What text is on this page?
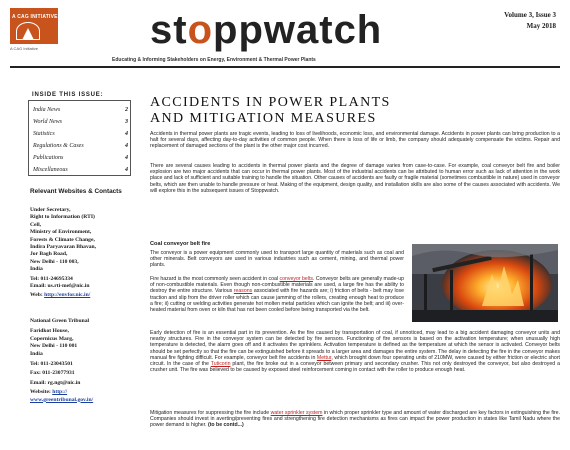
A CAG INITIATIVE
A CAG Initiative	stoppwatch	Volume 3, Issue 3
May 2018
Educating & Informing Stakeholders on Energy, Environment & Thermal Power Plants
INSIDE THIS ISSUE:
India News	2
World News	3
Statistics	4
Regulations & Cases	4
Publications	4
Miscellaneous	4
Relevant Websites & Contacts
Under Secretary,
Right to Information (RTI)
Cell,
Ministry of Environment,
Forests & Climate Change,
Indira Paryavaran Bhavan,
Jor Bagh Road,
New Delhi - 110 003,
India
Tel: 011-24695334
Email: us.rti-mef@nic.in
Web: http://envfor.nic.in/
National Green Tribunal
Faridkot House,
Copernicus Marg,
New Delhi - 110 001
India
Tel: 011-23043501
Fax: 011-23077931
Email: rg.ngt@nic.in
Website: http://
www.greentribunal.gov.in/
ACCIDENTS IN POWER PLANTS
AND MITIGATION MEASURES
Accidents in thermal power plants are tragic events, leading to loss of livelihoods, economic loss, and environmental damage. Accidents in power plants can bring production to a halt for several days, affecting day-to-day activities of common people. When there is loss of life or limb, the company should adequately compensate the victims. Repair and replacement of damaged sections of the plant is the other major cost incurred.
There are several causes leading to accidents in thermal power plants and the degree of damage varies from case-to-case. For example, coal conveyor belt fire and boiler explosion are two major accidents that can occur in thermal power plants. Most of the industrial accidents can be attributed to human error such as lack of attention in the work place and lack of sufficient and suitable training to handle the situation. Other causes of accidents are faulty or fragile material (sometimes combustible in nature) used in conveyor belts, which are then unable to handle pressure or heat. Making of the equipment, design quality, and installation skills are also some of the causes associated with accidents. We will explore this in the subsequent issues of Stoppwatch.
Coal conveyor belt fire
The conveyor is a power equipment commonly used to transport large quantity of materials such as coal and other minerals. Belt conveyors are used in various industries such as cement, mining, and thermal power plants.
Fire hazard is the most commonly seen accident in coal conveyor belts. Conveyor belts are generally made-up of non-combustible materials. Even though non-combustible materials are used, a large fire has the ability to destroy the entire structure. Various reasons associated with fire hazards are; i) friction of belts - belt may lose traction and slip from the driver roller which can cause jamming of the rollers, creating enough heat to produce a fire; ii) cutting or welding activities generate hot molten metal particles which can ignite the belt; and iii) over-heated material from oven or kiln that has not been cooled before being transported via the belt.
Early detection of fire is an essential part in its prevention. As the fire caused by transportation of coal, if unnoticed, may lead to a big accident damaging conveyor units and nearby structures. Fire in the conveyor system can be detected by fire sensors. Functioning of fire sensors is based on the activation temperature; when unusually high temperature is detected, the alarm goes off and it activates the sprinklers. Activation temperature is defined as the temperature at which the sensor is activated. Conveyor belts should be set perfectly so that the fire can be extinguished before it spreads to a larger area and damages the entire system. The delay in detecting the fire in the conveyor makes manual fire fighting difficult. For example, conveyor belt fire accidents in Mettur, which brought down four operating units of 210MW, were caused by either friction or electric short circuit. In the case of the Tuticorin plant, the fire broke out in a conveyor between primary and secondary crusher. This not only destroyed the conveyor, but also destroyed a crusher unit. The fire was believed to be caused by exposed steel reinforcement coming in contact with the roller to produce enough heat.
Mitigation measures for suppressing the fire include water sprinkler system in which proper sprinkler type and amount of water discharged are key factors in extinguishing the fire. Companies should invest in averting/preventing fires and strengthening fire detection mechanisms as fires can impact the power production in states like Tamil Nadu where the power demand is higher. (to be contd...)
